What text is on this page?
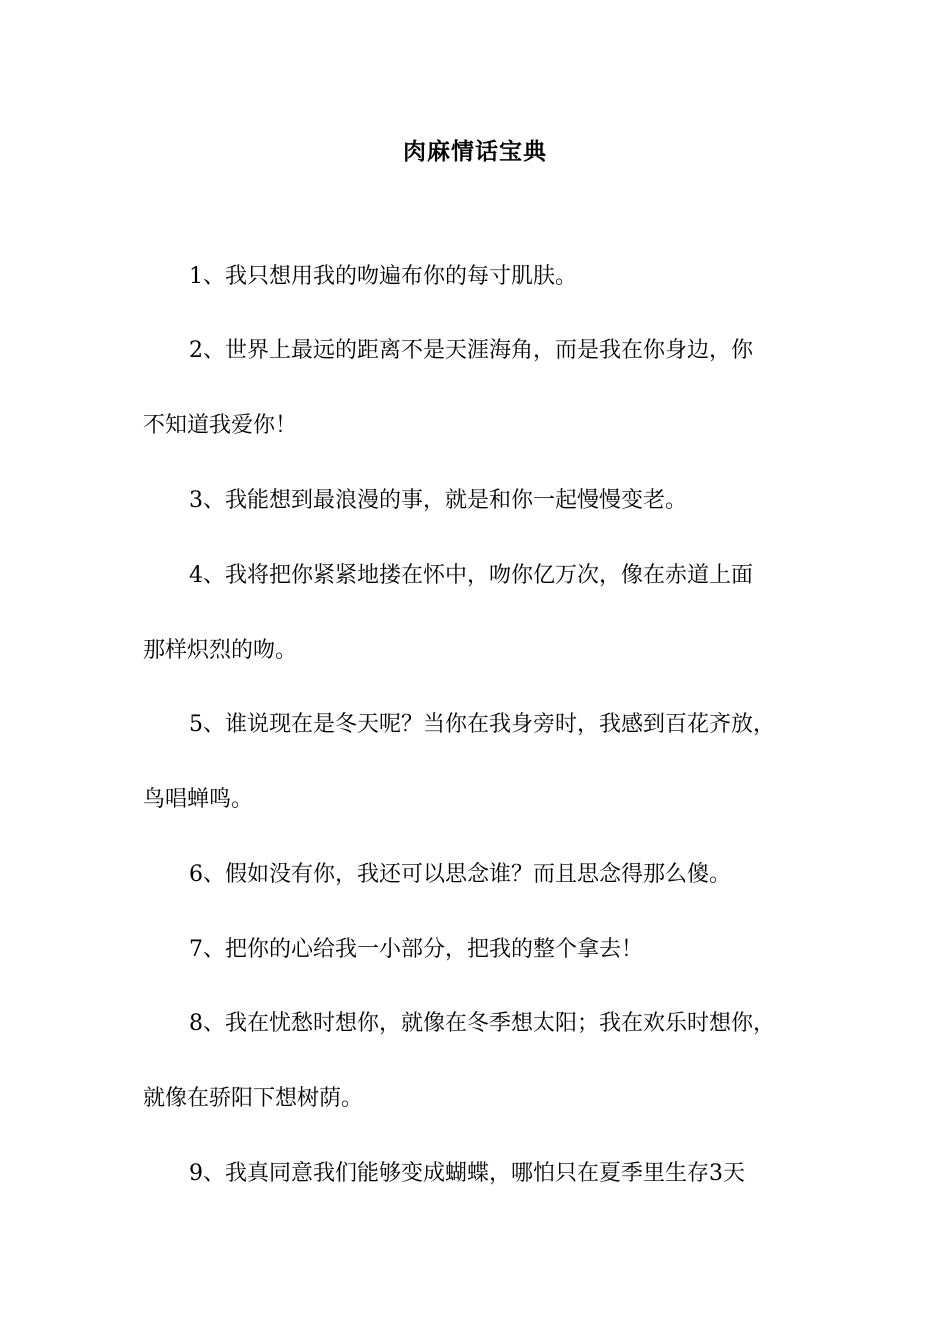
肉麻情话宝典
1、我只想用我的吻遍布你的每寸肌肤。
2、世界上最远的距离不是天涯海角，而是我在你身边，你
不知道我爱你！
3、我能想到最浪漫的事，就是和你一起慢慢变老。
4、我将把你紧紧地搂在怀中，吻你亿万次，像在赤道上面
那样炽烈的吻。
5、谁说现在是冬天呢？当你在我身旁时，我感到百花齐放，
鸟唱蝉鸣。
6、假如没有你，我还可以思念谁？而且思念得那么傻。
7、把你的心给我一小部分，把我的整个拿去！
8、我在忧愁时想你，就像在冬季想太阳；我在欢乐时想你，
就像在骄阳下想树荫。
9、我真同意我们能够变成蝴蝶，哪怕只在夏季里生存3天
